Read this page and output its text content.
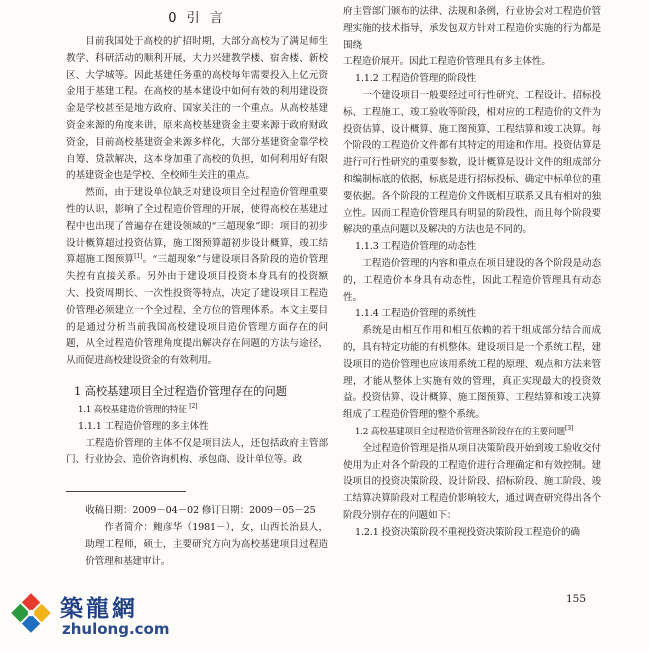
0 引 言

目前我国处于高校的扩招时期，大部分高校为了满足师生教学、科研活动的顺利开展，大力兴建教学楼、宿舍楼、新校区、大学城等。因此基建任务重的高校每年需要投入上亿元资金用于基建工程。在高校的基本建设中如何有效的利用建设资金是学校甚至是地方政府、国家关注的一个重点。从高校基建资金来源的角度来讲，原来高校基建资金主要来源于政府财政资金，目前高校基建资金来源多样化，大部分基建资金靠学校自筹、贷款解决，这本身加重了高校的负担，如何利用好有限的基建资金也是学校、全校师生关注的重点。

然而，由于建设单位缺乏对建设项目全过程造价管理重要性的认识，影响了全过程造价管理的开展，使得高校在基建过程中也出现了普遍存在建设领域的“三超现象”即：项目的初步设计概算超过投资估算，施工图预算超初步设计概算，竣工结算超施工图预算[1]。“三超现象”与建设项目各阶段的造价管理失控有直接关系。另外由于建设项目投资本身具有的投资额大、投资周期长、一次性投资等特点，决定了建设项目工程造价管理必须建立一个全过程、全方位的管理体系。本文主要目的是通过分析当前我国高校建设项目造价管理方面存在的问题，从全过程造价管理角度提出解决存在问题的方法与途径，从而促进高校建设资金的有效利用。

1 高校基建项目全过程造价管理存在的问题
1.1 高校基建造价管理的特征 [2]
1.1.1 工程造价管理的多主体性

工程造价管理的主体不仅是项目法人，还包括政府主管部门、行业协会、造价咨询机构、承包商、设计单位等。政

收稿日期：2009－04－02 修订日期：2009－05－25

作者简介：鲍彦华（1981－），女，山西长治县人，助理工程师，硕士，主要研究方向为高校基建项目过程造价管理和基建审计。

府主管部门颁布的法律、法规和条例，行业协会对工程造价管理实施的技术指导，承发包双方针对工程造价实施的行为都是围绕

工程造价展开。因此工程造价管理具有多主体性。

1.1.2 工程造价管理的阶段性

一个建设项目一般要经过可行性研究、工程设计、招标投标、工程施工、竣工验收等阶段，相对应的工程造价的文件为投资估算、设计概算、施工图预算、工程结算和竣工决算。每个阶段的工程造价文件都有其特定的用途和作用。投资估算是进行可行性研究的重要参数，设计概算是设计文件的组成部分和编制标底的依据，标底是进行招标投标、确定中标单位的重要依据。各个阶段的工程造价文件既相互联系又具有相对的独立性。因而工程造价管理具有明显的阶段性，而且每个阶段要解决的重点问题以及解决的方法也是不同的。

1.1.3 工程造价管理的动态性

工程造价管理的内容和重点在项目建设的各个阶段是动态的，工程造价本身具有动态性，因此工程造价管理具有动态性。

1.1.4 工程造价管理的系统性

系统是由相互作用和相互依赖的若干组成部分结合而成的，具有特定功能的有机整体。建设项目是一个系统工程，建设项目的造价管理也应该用系统工程的原理、观点和方法来管理，才能从整体上实施有效的管理，真正实现最大的投资效益。投资估算、设计概算、施工图预算、工程结算和竣工决算组成了工程造价管理的整个系统。

1.2 高校基建项目全过程造价管理各阶段存在的主要问题[3]

全过程造价管理是指从项目决策阶段开始到竣工验收交付使用为止对各个阶段的工程造价进行合理确定和有效控制。建设项目的投资决策阶段、设计阶段、招标阶段、施工阶段、竣工结算决算阶段对工程造价影响较大，通过调查研究得出各个阶段分别存在的问题如下：

1.2.1 投资决策阶段不重视投资决策阶段工程造价的确
155
築龍網
zhulong.com
